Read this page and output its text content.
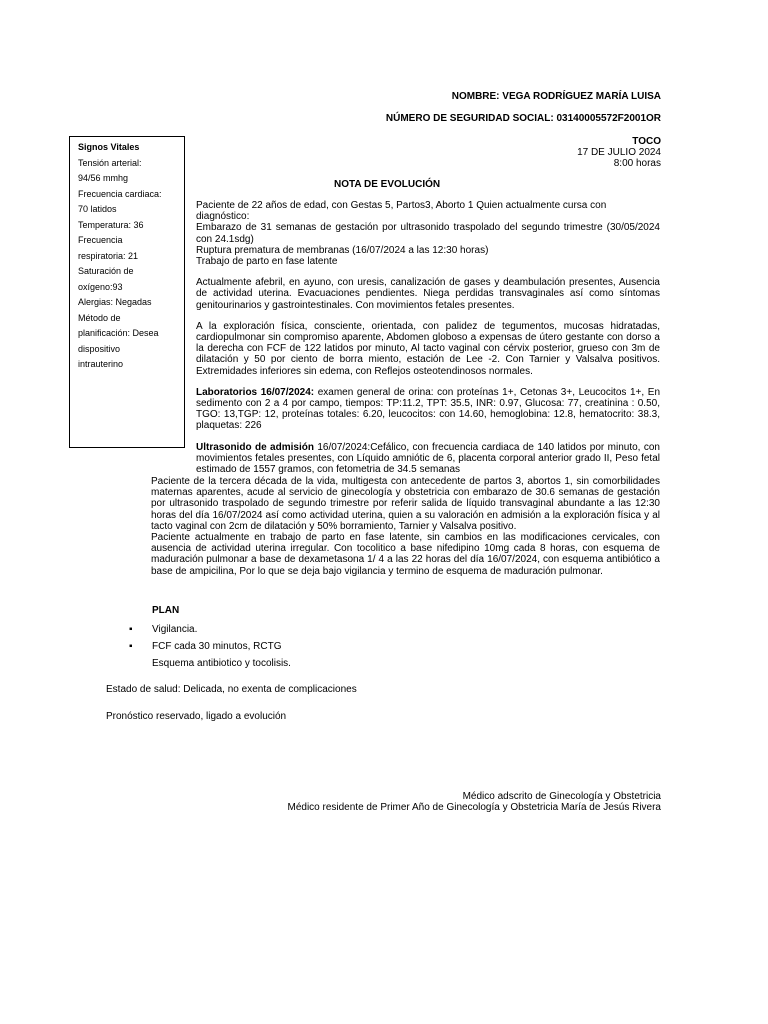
NOMBRE: VEGA RODRÍGUEZ MARÍA LUISA
NÚMERO DE SEGURIDAD SOCIAL: 03140005572F2001OR
TOCO
17 DE JULIO 2024
8:00 horas
Signos Vitales
Tensión arterial:
94/56 mmhg
Frecuencia cardiaca:
70 latidos
Temperatura: 36
Frecuencia
respiratoria: 21
Saturación de
oxígeno:93
Alergias: Negadas
Método de
planificación: Desea
dispositivo
intrauterino
NOTA DE EVOLUCIÓN

Paciente de 22 años de edad, con Gestas 5, Partos3, Aborto 1 Quien actualmente cursa con diagnóstico:

Embarazo de 31 semanas de gestación por ultrasonido traspolado del segundo trimestre (30/05/2024 con 24.1sdg)

Ruptura prematura de membranas (16/07/2024 a las 12:30 horas)

Trabajo de parto en fase latente

Actualmente afebril, en ayuno, con uresis, canalización de gases y deambulación presentes, Ausencia de actividad uterina. Evacuaciones pendientes. Niega perdidas transvaginales así como síntomas genitourinarios y gastrointestinales. Con movimientos fetales presentes.

A la exploración física, consciente, orientada, con palidez de tegumentos, mucosas hidratadas, cardiopulmonar sin compromiso aparente, Abdomen globoso a expensas de útero gestante con dorso a la derecha con FCF de 122 latidos por minuto, Al tacto vaginal con cérvix posterior, grueso con 3m de dilatación y 50 por ciento de borra miento, estación de Lee -2. Con Tarnier y Valsalva positivos. Extremidades inferiores sin edema, con Reflejos osteotendinosos normales.

Laboratorios 16/07/2024: examen general de orina: con proteínas 1+, Cetonas 3+, Leucocitos 1+, En sedimento con 2 a 4 por campo, tiempos: TP:11.2, TPT: 35.5, INR: 0.97, Glucosa: 77, creatinina : 0.50, TGO: 13,TGP: 12, proteínas totales: 6.20, leucocitos: con 14.60, hemoglobina: 12.8, hematocrito: 38.3, plaquetas: 226

Ultrasonido de admisión 16/07/2024:Cefálico, con frecuencia cardiaca de 140 latidos por minuto, con movimientos fetales presentes, con Líquido amniótic de 6, placenta corporal anterior grado II, Peso fetal estimado de 1557 gramos, con fetometria de 34.5 semanas

Paciente de la tercera década de la vida, multigesta con antecedente de partos 3, abortos 1, sin comorbilidades maternas aparentes, acude al servicio de ginecología y obstetricia con embarazo de 30.6 semanas de gestación por ultrasonido traspolado de segundo trimestre por referir salida de líquido transvaginal abundante a las 12:30 horas del día 16/07/2024 así como actividad uterina, quien a su valoración en admisión a la exploración física y al tacto vaginal con 2cm de dilatación y 50% borramiento, Tarnier y Valsalva positivo.

Paciente actualmente en trabajo de parto en fase latente, sin cambios en las modificaciones cervicales, con ausencia de actividad uterina irregular. Con tocolitico a base nifedipino 10mg cada 8 horas, con esquema de maduración pulmonar a base de dexametasona 1/ 4 a las 22 horas del día 16/07/2024, con esquema antibiótico a base de ampicilina, Por lo que se deja bajo vigilancia y termino de esquema de maduración pulmonar.

PLAN
▪ Vigilancia.
▪ FCF cada 30 minutos, RCTG
Esquema antibiotico y tocolisis.
Estado de salud: Delicada, no exenta de complicaciones
Pronóstico reservado, ligado a evolución
Médico adscrito de Ginecología y Obstetricia
Médico residente de Primer Año de Ginecología y Obstetricia María de Jesús Rivera
